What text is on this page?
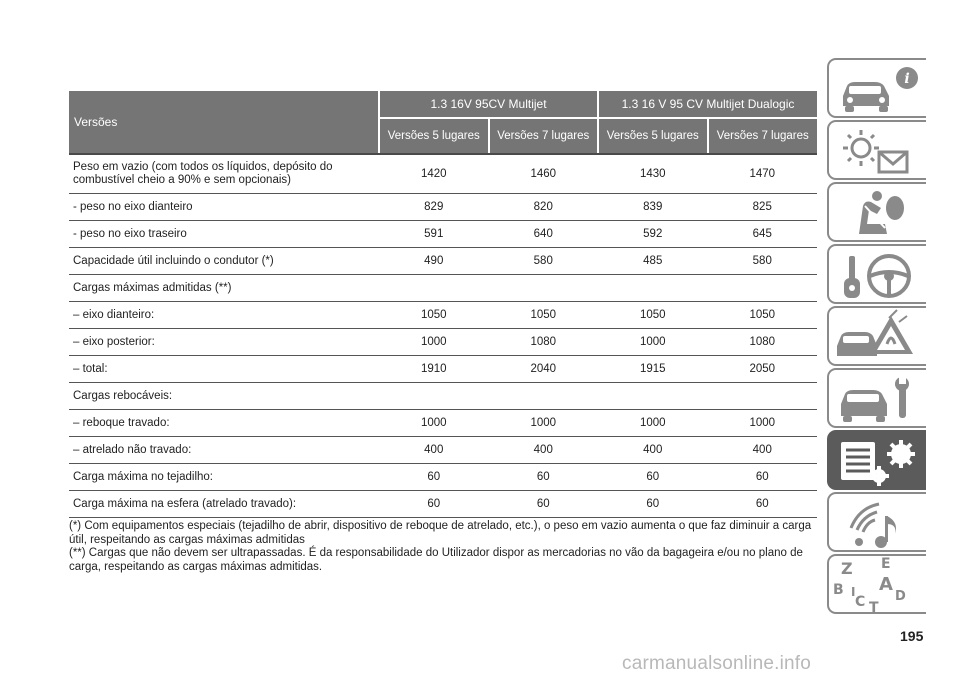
Versões	1.3 16V 95CV Multijet		1.3 16 V 95 CV Multijet Dualogic	
	Versões 5 lugares	Versões 7 lugares	Versões 5 lugares	Versões 7 lugares
Peso em vazio (com todos os líquidos, depósito do combustível cheio a 90% e sem opcionais)	1420	1460	1430	1470
- peso no eixo dianteiro	829	820	839	825
- peso no eixo traseiro	591	640	592	645
Capacidade útil incluindo o condutor (*)	490	580	485	580
Cargas máximas admitidas (**)				
– eixo dianteiro:	1050	1050	1050	1050
– eixo posterior:	1000	1080	1000	1080
– total:	1910	2040	1915	2050
Cargas rebocáveis:				
– reboque travado:	1000	1000	1000	1000
– atrelado não travado:	400	400	400	400
Carga máxima no tejadilho:	60	60	60	60
Carga máxima na esfera (atrelado travado):	60	60	60	60

(*) Com equipamentos especiais (tejadilho de abrir, dispositivo de reboque de atrelado, etc.), o peso em vazio aumenta o que faz diminuir a carga útil, respeitando as cargas máximas admitidas

(**) Cargas que não devem ser ultrapassadas. É da responsabilidade do Utilizador dispor as mercadorias no vão da bagageira e/ou no plano de carga, respeitando as cargas máximas admitidas.

i
Z E
B A
C D
T
I
195
carmanualsonline.info
